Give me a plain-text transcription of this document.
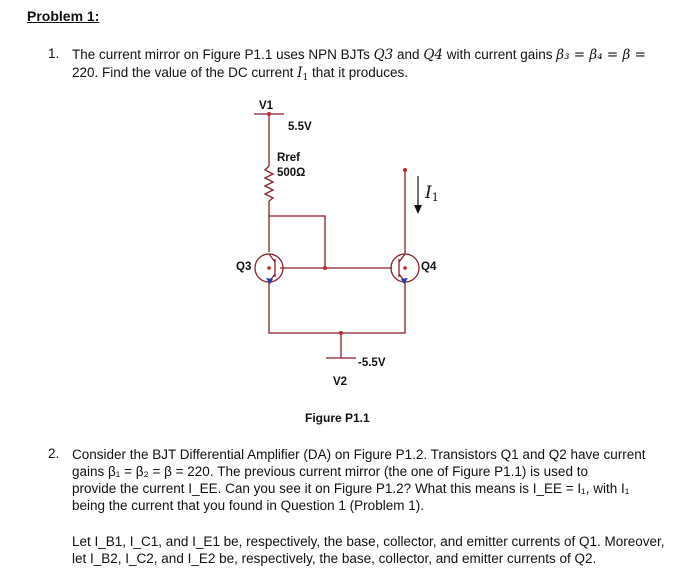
Problem 1:
1. The current mirror on Figure P1.1 uses NPN BJTs Q3 and Q4 with current gains β₃ = β₄ = β =
220. Find the value of the DC current $I_1$ that it produces.
V1
5.5V
Rref
500Ω
$I_1$
Q3	Q4
-5.5V
V2
Figure P1.1
2. Consider the BJT Differential Amplifier (DA) on Figure P1.2. Transistors Q1 and Q2 have current
gains β₁ = β₂ = β = 220. The previous current mirror (the one of Figure P1.1) is used to
provide the current I_EE. Can you see it on Figure P1.2? What this means is I_EE = I₁, with I₁
being the current that you found in Question 1 (Problem 1).
Let I_B1, I_C1, and I_E1 be, respectively, the base, collector, and emitter currents of Q1. Moreover,
let I_B2, I_C2, and I_E2 be, respectively, the base, collector, and emitter currents of Q2.
